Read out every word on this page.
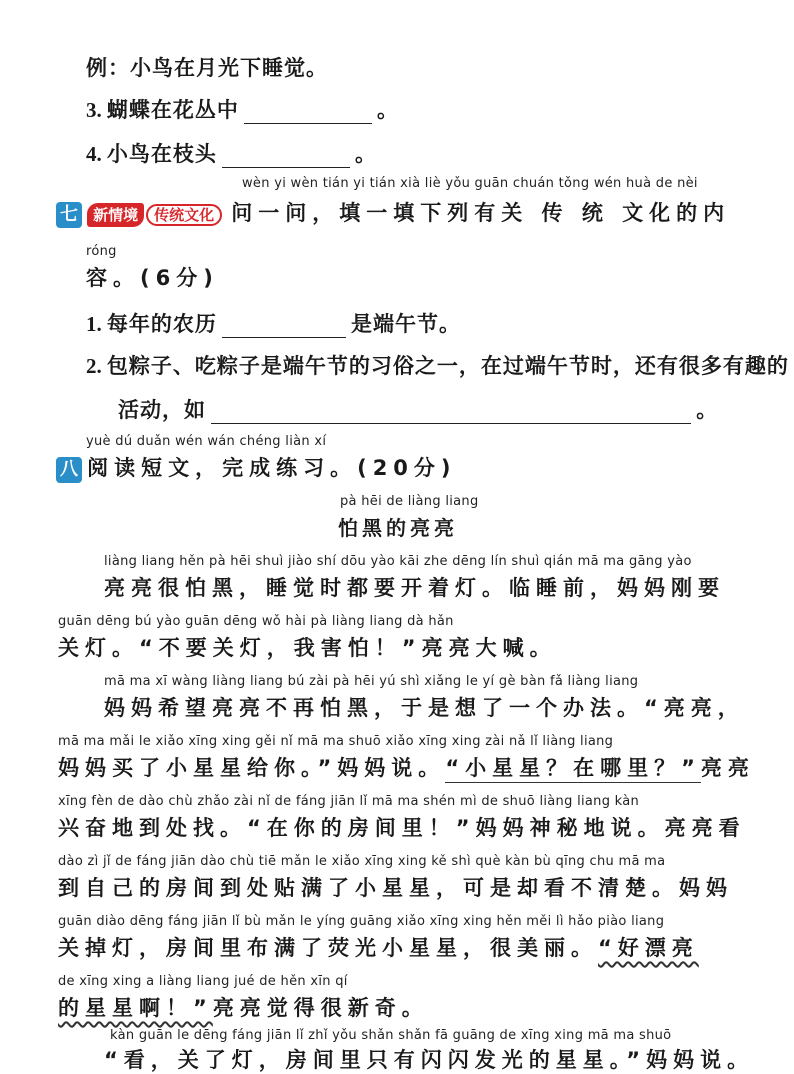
例：小鸟在月光下睡觉。
3. 蝴蝶在花丛中	。
4. 小鸟在枝头	。
wèn yi wèn tián yi tián xià liè yǒu guān chuán tǒng wén huà de nèi
七 新情境 传统文化 问一问，填一填下列有关 传 统 文化的内
róng
容。(6分)
1. 每年的农历	是端午节。
2. 包粽子、吃粽子是端午节的习俗之一，在过端午节时，还有很多有趣的
活动，如	。
yuè dú duǎn wén wán chéng liàn xí
八 阅读短文，完成练习。(20分)
pà hēi de liàng liang
怕黑的亮亮
liàng liang hěn pà hēi shuì jiào shí dōu yào kāi zhe dēng lín shuì qián mā ma gāng yào
亮亮很怕黑，睡觉时都要开着灯。临睡前，妈妈刚要
guān dēng bú yào guān dēng wǒ hài pà liàng liang dà hǎn
关灯。“不要关灯，我害怕！”亮亮大喊。
mā ma xī wàng liàng liang bú zài pà hēi yú shì xiǎng le yí gè bàn fǎ liàng liang
妈妈希望亮亮不再怕黑，于是想了一个办法。“亮亮，
mā ma mǎi le xiǎo xīng xing gěi nǐ mā ma shuō xiǎo xīng xing zài nǎ lǐ liàng liang
妈妈买了小星星给你。”妈妈说。“小星星？在哪里？”亮亮
xīng fèn de dào chù zhǎo zài nǐ de fáng jiān lǐ mā ma shén mì de shuō liàng liang kàn
兴奋地到处找。“在你的房间里！”妈妈神秘地说。亮亮看
dào zì jǐ de fáng jiān dào chù tiē mǎn le xiǎo xīng xing kě shì què kàn bù qīng chu mā ma
到自己的房间到处贴满了小星星，可是却看不清楚。妈妈
guān diào dēng fáng jiān lǐ bù mǎn le yíng guāng xiǎo xīng xing hěn měi lì hǎo piào liang
关掉灯，房间里布满了荧光小星星，很美丽。“好漂亮
de xīng xing a liàng liang jué de hěn xīn qí
的星星啊！”亮亮觉得很新奇。
kàn guān le dēng fáng jiān lǐ zhǐ yǒu shǎn shǎn fā guāng de xīng xing mā ma shuō
“看，关了灯，房间里只有闪闪发光的星星。”妈妈说。
